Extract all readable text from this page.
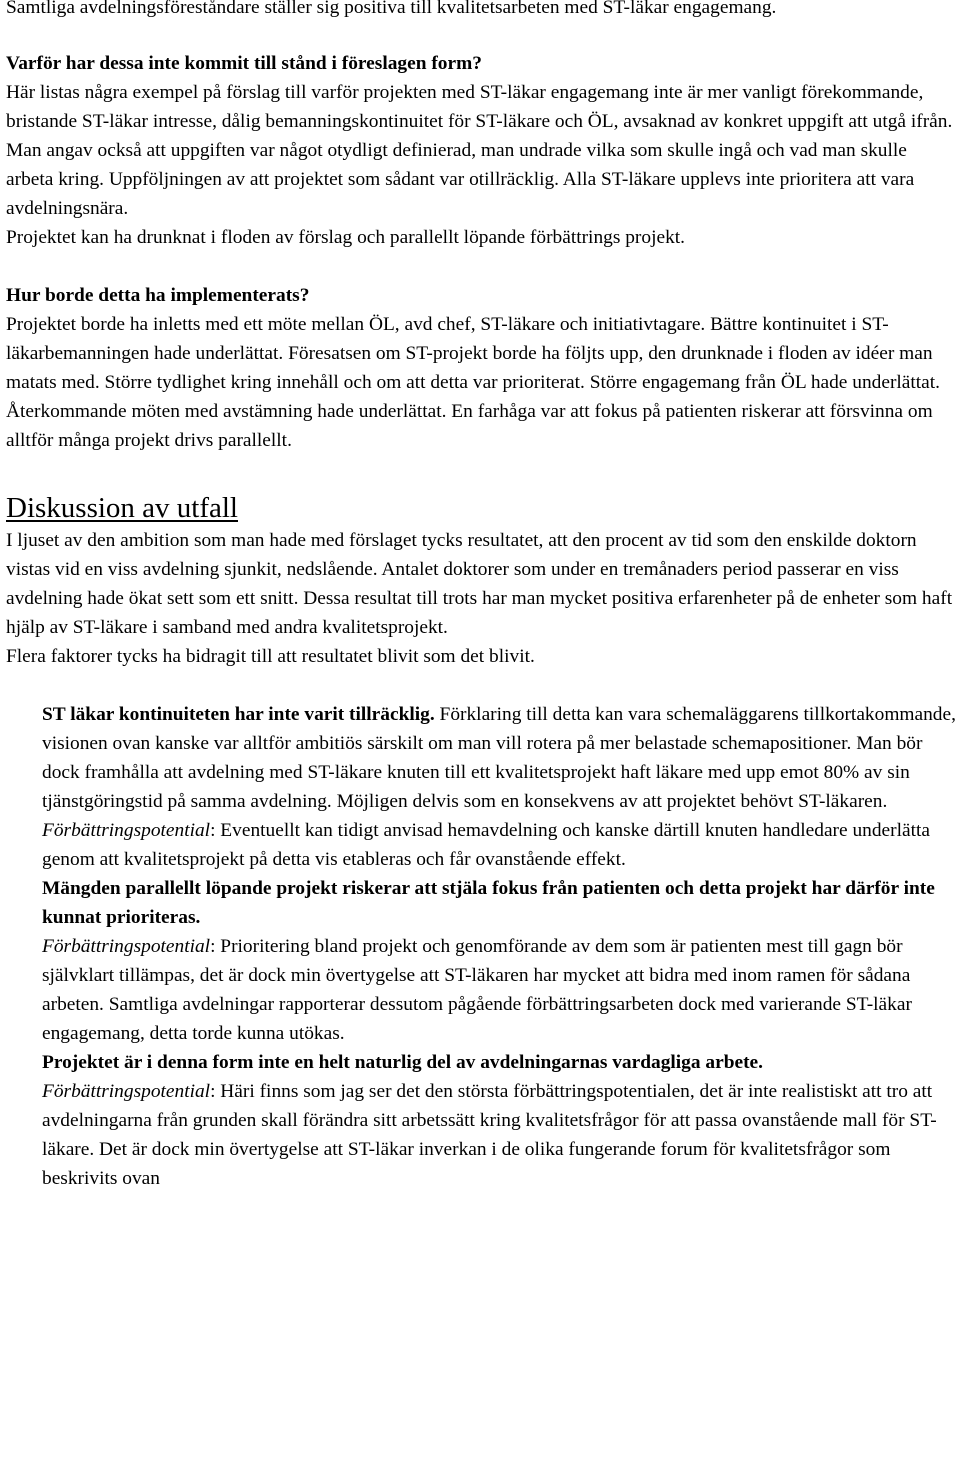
Samtliga avdelningsföreståndare ställer sig positiva till kvalitetsarbeten med ST-läkar engagemang.

Varför har dessa inte kommit till stånd i föreslagen form?

Här listas några exempel på förslag till varför projekten med ST-läkar engagemang inte är mer vanligt förekommande, bristande ST-läkar intresse, dålig bemanningskontinuitet för ST-läkare och ÖL, avsaknad av konkret uppgift att utgå ifrån. Man angav också att uppgiften var något otydligt definierad, man undrade vilka som skulle ingå och vad man skulle arbeta kring. Uppföljningen av att projektet som sådant var otillräcklig. Alla ST-läkare upplevs inte prioritera att vara avdelningsnära.

Projektet kan ha drunknat i floden av förslag och parallellt löpande förbättrings projekt.

Hur borde detta ha implementerats?

Projektet borde ha inletts med ett möte mellan ÖL, avd chef, ST-läkare och initiativtagare. Bättre kontinuitet i ST-läkarbemanningen hade underlättat. Föresatsen om ST-projekt borde ha följts upp, den drunknade i floden av idéer man matats med. Större tydlighet kring innehåll och om att detta var prioriterat. Större engagemang från ÖL hade underlättat. Återkommande möten med avstämning hade underlättat. En farhåga var att fokus på patienten riskerar att försvinna om alltför många projekt drivs parallellt.

Diskussion av utfall

I ljuset av den ambition som man hade med förslaget tycks resultatet, att den procent av tid som den enskilde doktorn vistas vid en viss avdelning sjunkit, nedslående. Antalet doktorer som under en tremånaders period passerar en viss avdelning hade ökat sett som ett snitt. Dessa resultat till trots har man mycket positiva erfarenheter på de enheter som haft hjälp av ST-läkare i samband med andra kvalitetsprojekt.

Flera faktorer tycks ha bidragit till att resultatet blivit som det blivit.

ST läkar kontinuiteten har inte varit tillräcklig. Förklaring till detta kan vara schemaläggarens tillkortakommande, visionen ovan kanske var alltför ambitiös särskilt om man vill rotera på mer belastade schemapositioner. Man bör dock framhålla att avdelning med ST-läkare knuten till ett kvalitetsprojekt haft läkare med upp emot 80% av sin tjänstgöringstid på samma avdelning. Möjligen delvis som en konsekvens av att projektet behövt ST-läkaren.

Förbättringspotential: Eventuellt kan tidigt anvisad hemavdelning och kanske därtill knuten handledare underlätta genom att kvalitetsprojekt på detta vis etableras och får ovanstående effekt.

Mängden parallellt löpande projekt riskerar att stjäla fokus från patienten och detta projekt har därför inte kunnat prioriteras.

Förbättringspotential: Prioritering bland projekt och genomförande av dem som är patienten mest till gagn bör självklart tillämpas, det är dock min övertygelse att ST-läkaren har mycket att bidra med inom ramen för sådana arbeten. Samtliga avdelningar rapporterar dessutom pågående förbättringsarbeten dock med varierande ST-läkar engagemang, detta torde kunna utökas.

Projektet är i denna form inte en helt naturlig del av avdelningarnas vardagliga arbete.

Förbättringspotential: Häri finns som jag ser det den största förbättringspotentialen, det är inte realistiskt att tro att avdelningarna från grunden skall förändra sitt arbetssätt kring kvalitetsfrågor för att passa ovanstående mall för ST-läkare. Det är dock min övertygelse att ST-läkar inverkan i de olika fungerande forum för kvalitetsfrågor som beskrivits ovan
